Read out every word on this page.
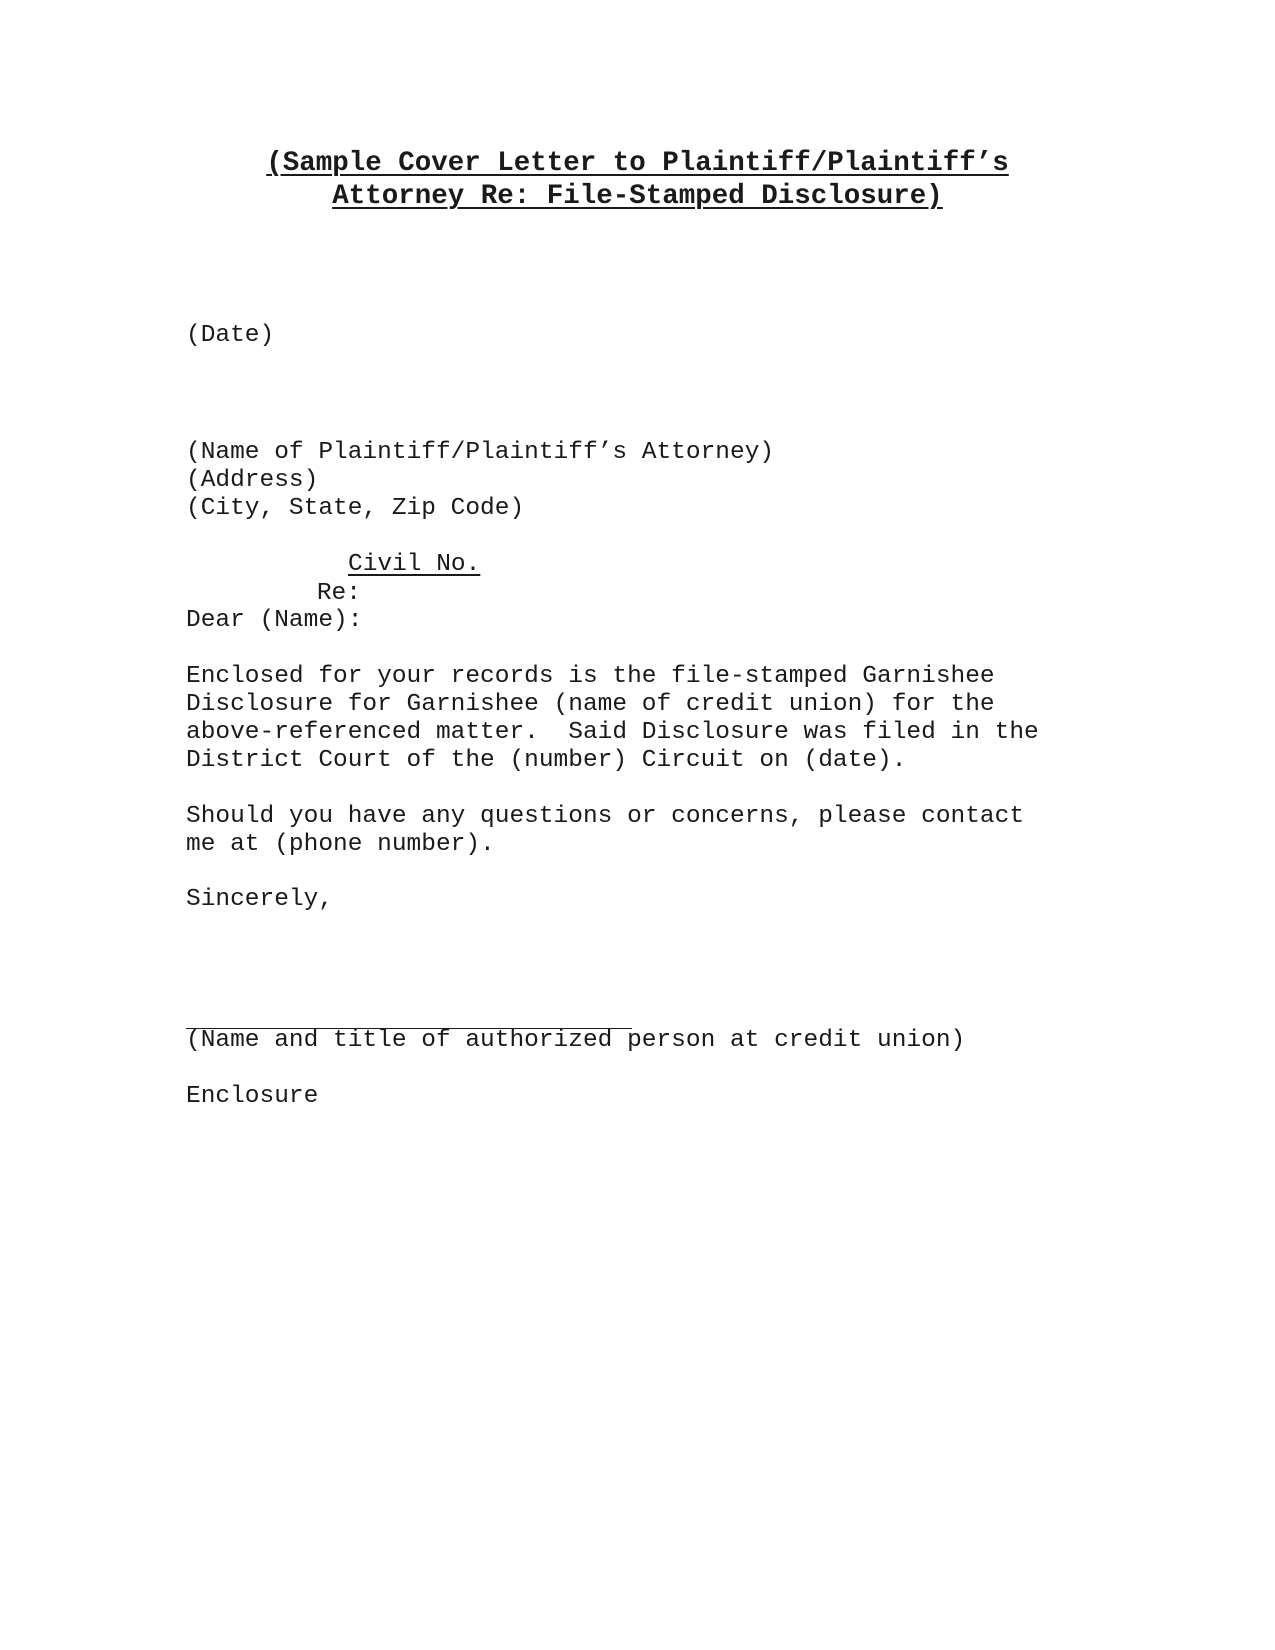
(Sample Cover Letter to Plaintiff/Plaintiff’s
Attorney Re: File-Stamped Disclosure)
(Date)
(Name of Plaintiff/Plaintiff’s Attorney)
(Address)
(City, State, Zip Code)

Re:

Civil No.

Dear (Name):
Enclosed for your records is the file-stamped Garnishee
Disclosure for Garnishee (name of credit union) for the
above-referenced matter.  Said Disclosure was filed in the
District Court of the (number) Circuit on (date).
Should you have any questions or concerns, please contact
me at (phone number).
Sincerely,
(Name and title of authorized person at credit union)
Enclosure
